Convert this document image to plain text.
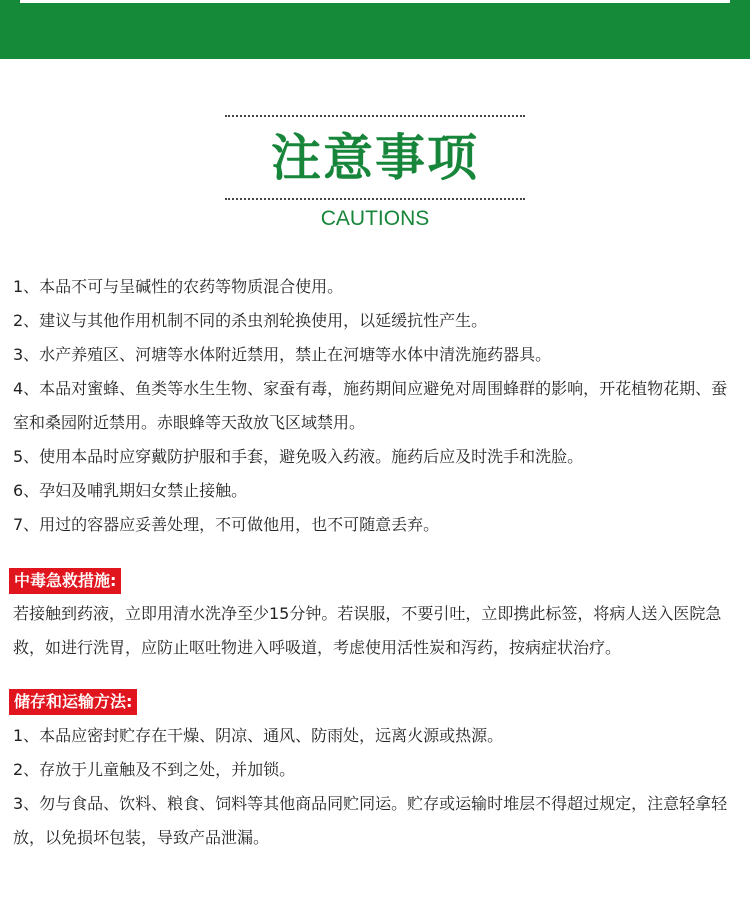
注意事项
CAUTIONS

1、本品不可与呈碱性的农药等物质混合使用。

2、建议与其他作用机制不同的杀虫剂轮换使用，以延缓抗性产生。

3、水产养殖区、河塘等水体附近禁用，禁止在河塘等水体中清洗施药器具。

4、本品对蜜蜂、鱼类等水生生物、家蚕有毒，施药期间应避免对周围蜂群的影响，开花植物花期、蚕室和桑园附近禁用。赤眼蜂等天敌放飞区域禁用。

5、使用本品时应穿戴防护服和手套，避免吸入药液。施药后应及时洗手和洗脸。

6、孕妇及哺乳期妇女禁止接触。

7、用过的容器应妥善处理，不可做他用，也不可随意丢弃。

中毒急救措施:

若接触到药液，立即用清水洗净至少15分钟。若误服，不要引吐，立即携此标签，将病人送入医院急救，如进行洗胃，应防止呕吐物进入呼吸道，考虑使用活性炭和泻药，按病症状治疗。

储存和运输方法:

1、本品应密封贮存在干燥、阴凉、通风、防雨处，远离火源或热源。

2、存放于儿童触及不到之处，并加锁。

3、勿与食品、饮料、粮食、饲料等其他商品同贮同运。贮存或运输时堆层不得超过规定，注意轻拿轻放，以免损坏包装，导致产品泄漏。
